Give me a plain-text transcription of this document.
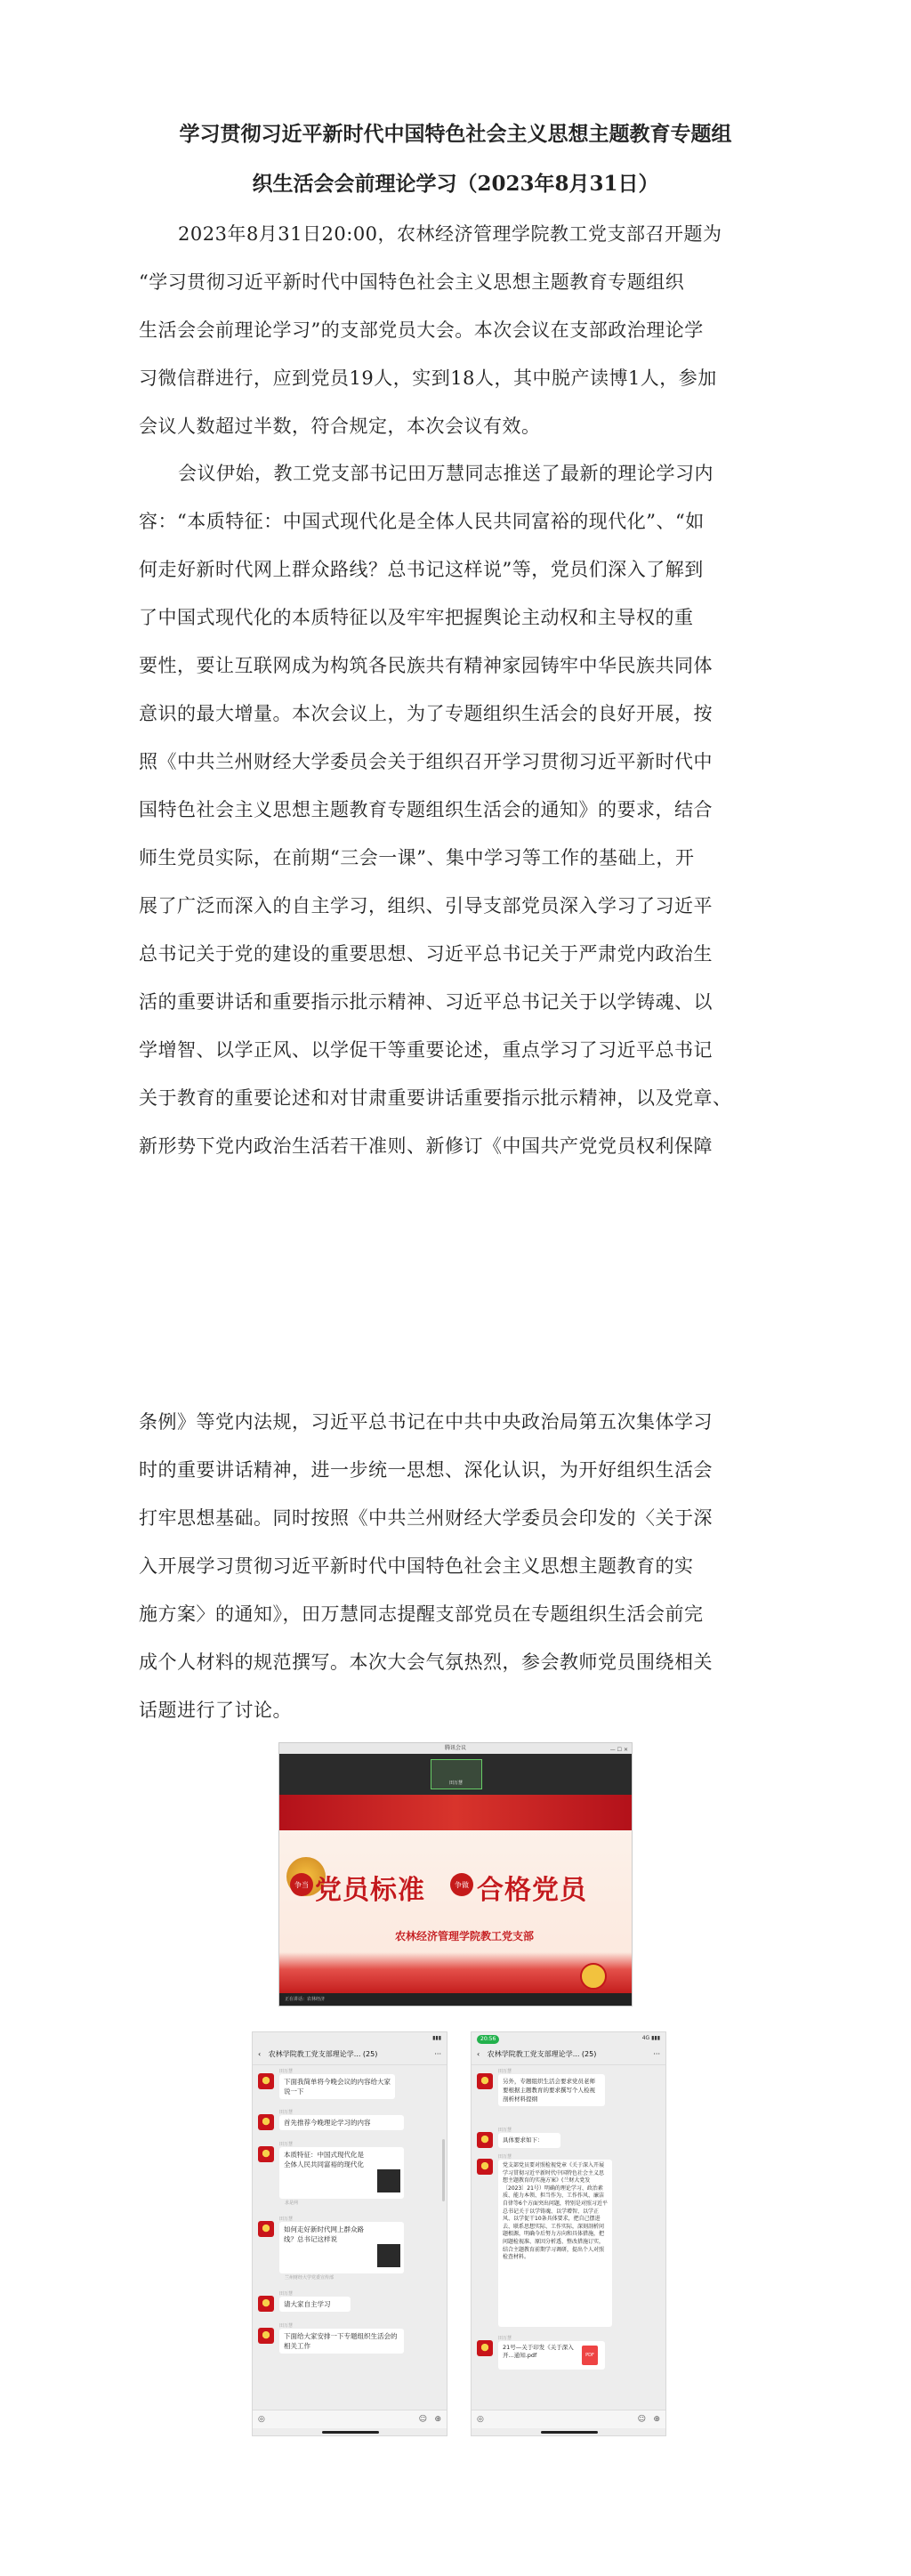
学习贯彻习近平新时代中国特色社会主义思想主题教育专题组
织生活会会前理论学习（2023年8月31日）
2023年8月31日20:00，农林经济管理学院教工党支部召开题为
“学习贯彻习近平新时代中国特色社会主义思想主题教育专题组织
生活会会前理论学习”的支部党员大会。本次会议在支部政治理论学
习微信群进行，应到党员19人，实到18人，其中脱产读博1人，参加
会议人数超过半数，符合规定，本次会议有效。
会议伊始，教工党支部书记田万慧同志推送了最新的理论学习内
容：“本质特征：中国式现代化是全体人民共同富裕的现代化”、“如
何走好新时代网上群众路线？总书记这样说”等，党员们深入了解到
了中国式现代化的本质特征以及牢牢把握舆论主动权和主导权的重
要性，要让互联网成为构筑各民族共有精神家园铸牢中华民族共同体
意识的最大增量。本次会议上，为了专题组织生活会的良好开展，按
照《中共兰州财经大学委员会关于组织召开学习贯彻习近平新时代中
国特色社会主义思想主题教育专题组织生活会的通知》的要求，结合
师生党员实际，在前期“三会一课”、集中学习等工作的基础上，开
展了广泛而深入的自主学习，组织、引导支部党员深入学习了习近平
总书记关于党的建设的重要思想、习近平总书记关于严肃党内政治生
活的重要讲话和重要指示批示精神、习近平总书记关于以学铸魂、以
学增智、以学正风、以学促干等重要论述，重点学习了习近平总书记
关于教育的重要论述和对甘肃重要讲话重要指示批示精神，以及党章、
新形势下党内政治生活若干准则、新修订《中国共产党党员权利保障
条例》等党内法规，习近平总书记在中共中央政治局第五次集体学习
时的重要讲话精神，进一步统一思想、深化认识，为开好组织生活会
打牢思想基础。同时按照《中共兰州财经大学委员会印发的〈关于深
入开展学习贯彻习近平新时代中国特色社会主义思想主题教育的实
施方案〉的通知》，田万慧同志提醒支部党员在专题组织生活会前完
成个人材料的规范撰写。本次大会气氛热烈，参会教师党员围绕相关
话题进行了讨论。
腾讯会议	— ☐ ✕
田万慧
争当 党员标准	争做 合格党员
农林经济管理学院教工党支部
正在讲话：农林经济
▮▮▮
‹ 农林学院教工党支部理论学... (25)	···
田万慧
下面我简单将今晚会议的内容给大家说一下
田万慧
首先推荐今晚理论学习的内容
田万慧
本质特征：中国式现代化是全体人民共同富裕的现代化
求是网
田万慧
如何走好新时代网上群众路线？总书记这样说
兰州财经大学党委宣传部
田万慧
请大家自主学习
田万慧
下面给大家安排一下专题组织生活会的相关工作
◎	☺ ⊕
20:56	4G ▮▮▮
‹ 农林学院教工党支部理论学... (25)	···
田万慧
另外，专题组织生活会要求党员老师要根据主题教育的要求撰写个人检视剖析材料提纲
田万慧
具体要求如下：
田万慧
党支部党员要对照检视党章《关于深入开展学习贯彻习近平新时代中国特色社会主义思想主题教育的实施方案》(兰财大党发〔2023〕21号）明确的理论学习、政治素质、能力本领、担当作为、工作作风、廉洁自律等6个方面突出问题，特别是对照习近平总书记关于以学铸魂、以学增智、以学正风、以学促干10条具体要求，把自己摆进去、联系思想实际、工作实际，深刻剖析问题根源，明确今后努力方向和具体措施，把问题检视准、原因分析透、整改措施订实，结合主题教育前期学习调研，提出个人对照检查材料。
田万慧
21号—关于印发《关于深入开...通知.pdf	PDF
◎	☺ ⊕
